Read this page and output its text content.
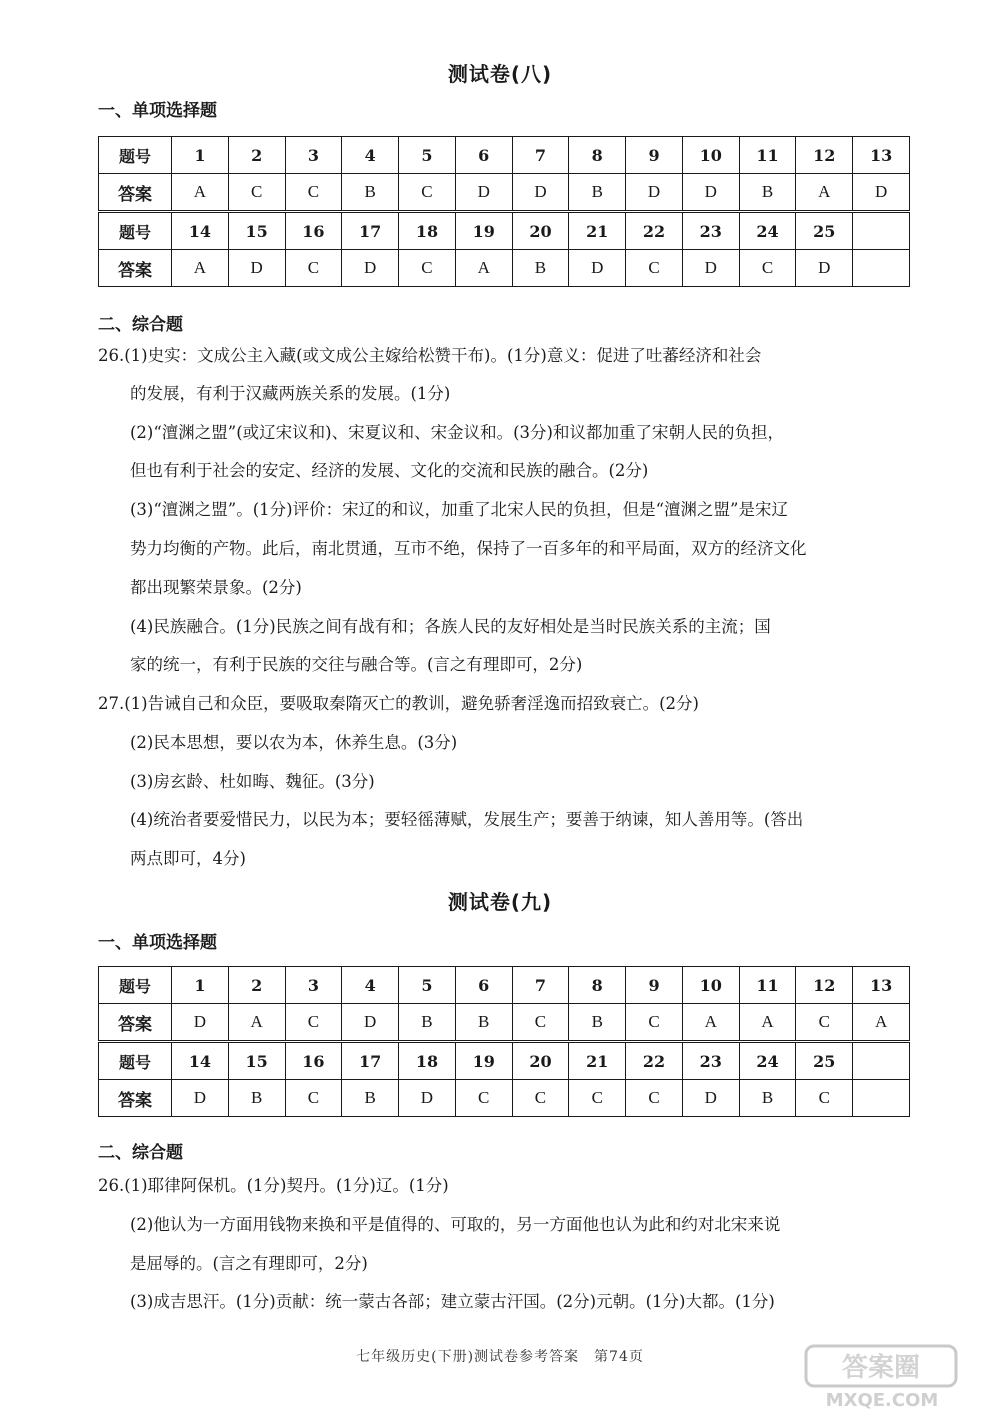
测试卷(八)
一、单项选择题
题号	1	2	3	4	5	6	7	8	9	10	11	12	13
答案	A	C	C	B	C	D	D	B	D	D	B	A	D
题号	14	15	16	17	18	19	20	21	22	23	24	25	
答案	A	D	C	D	C	A	B	D	C	D	C	D	
二、综合题
26.(1)史实：文成公主入藏(或文成公主嫁给松赞干布)。(1分)意义：促进了吐蕃经济和社会
的发展，有利于汉藏两族关系的发展。(1分)
(2)“澶渊之盟”(或辽宋议和)、宋夏议和、宋金议和。(3分)和议都加重了宋朝人民的负担，
但也有利于社会的安定、经济的发展、文化的交流和民族的融合。(2分)
(3)“澶渊之盟”。(1分)评价：宋辽的和议，加重了北宋人民的负担，但是“澶渊之盟”是宋辽
势力均衡的产物。此后，南北贯通，互市不绝，保持了一百多年的和平局面，双方的经济文化
都出现繁荣景象。(2分)
(4)民族融合。(1分)民族之间有战有和；各族人民的友好相处是当时民族关系的主流；国
家的统一，有利于民族的交往与融合等。(言之有理即可，2分)
27.(1)告诫自己和众臣，要吸取秦隋灭亡的教训，避免骄奢淫逸而招致衰亡。(2分)
(2)民本思想，要以农为本，休养生息。(3分)
(3)房玄龄、杜如晦、魏征。(3分)
(4)统治者要爱惜民力，以民为本；要轻徭薄赋，发展生产；要善于纳谏，知人善用等。(答出
两点即可，4分)
测试卷(九)
一、单项选择题
题号	1	2	3	4	5	6	7	8	9	10	11	12	13
答案	D	A	C	D	B	B	C	B	C	A	A	C	A
题号	14	15	16	17	18	19	20	21	22	23	24	25	
答案	D	B	C	B	D	C	C	C	C	D	B	C	
二、综合题
26.(1)耶律阿保机。(1分)契丹。(1分)辽。(1分)
(2)他认为一方面用钱物来换和平是值得的、可取的，另一方面他也认为此和约对北宋来说
是屈辱的。(言之有理即可，2分)
(3)成吉思汗。(1分)贡献：统一蒙古各部；建立蒙古汗国。(2分)元朝。(1分)大都。(1分)
七年级历史(下册)测试卷参考答案　第74页	答案圈
MXQE.COM
